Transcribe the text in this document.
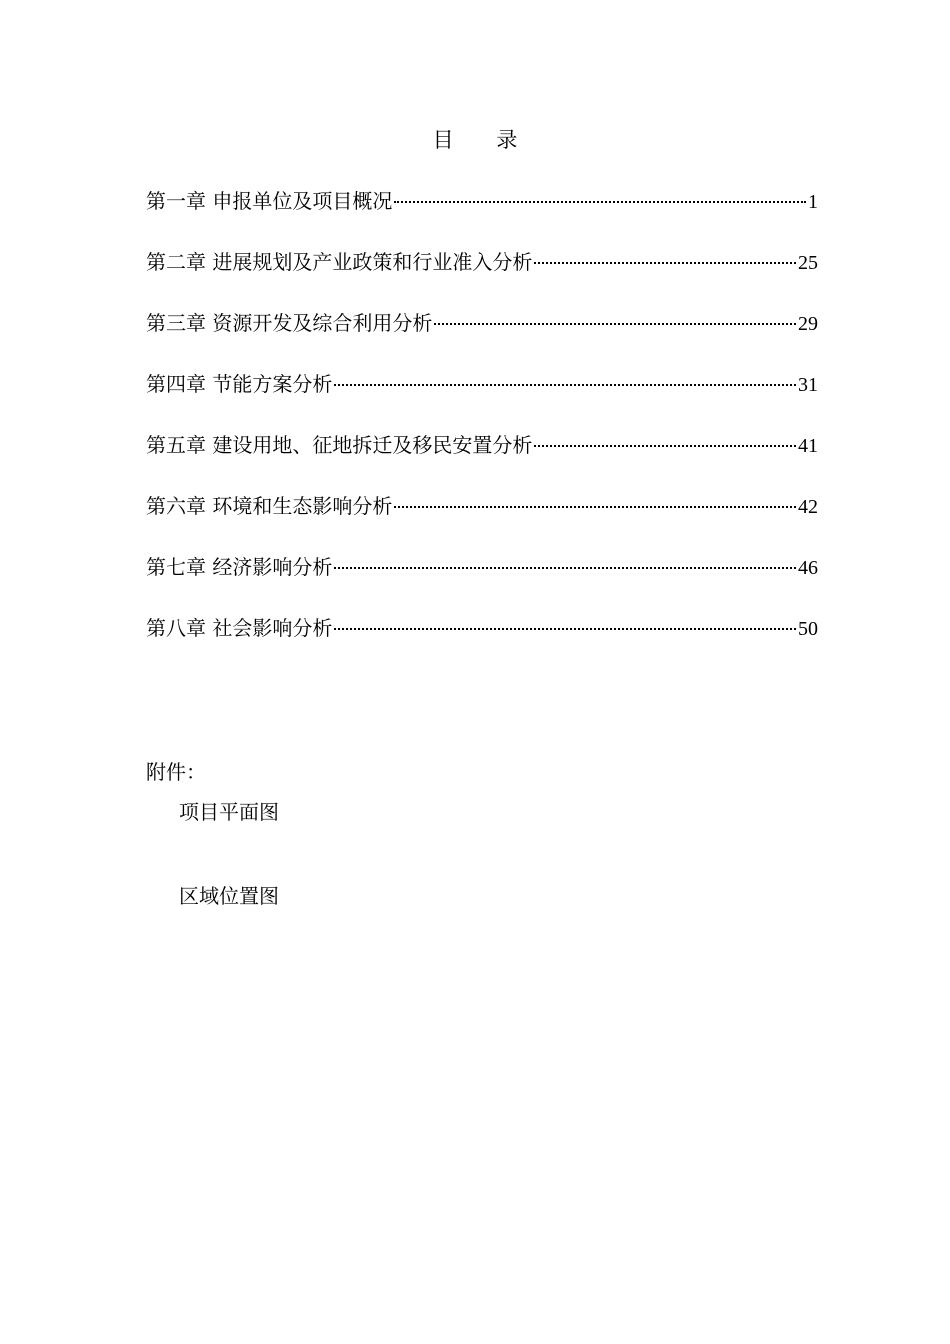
目 录
第一章 申报单位及项目概况	1
第二章 进展规划及产业政策和行业准入分析	25
第三章 资源开发及综合利用分析	29
第四章 节能方案分析	31
第五章 建设用地、征地拆迁及移民安置分析	41
第六章 环境和生态影响分析	42
第七章 经济影响分析	46
第八章 社会影响分析	50
附件：
项目平面图
区域位置图
